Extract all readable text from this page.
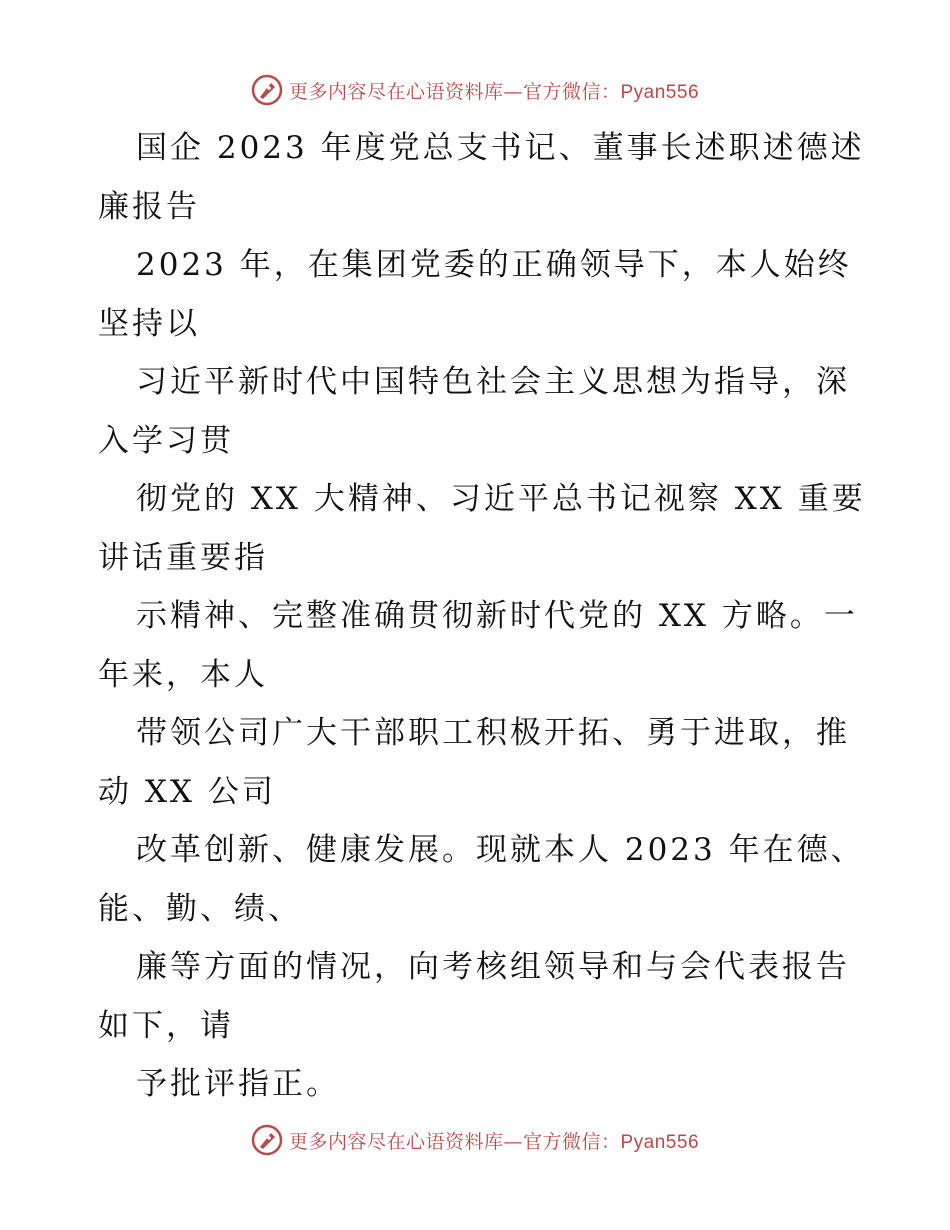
更多内容尽在心语资料库—官方微信：Pyan556
国企 2023 年度党总支书记、董事长述职述德述
廉报告
2023 年，在集团党委的正确领导下，本人始终
坚持以
习近平新时代中国特色社会主义思想为指导，深
入学习贯
彻党的 XX 大精神、习近平总书记视察 XX 重要
讲话重要指
示精神、完整准确贯彻新时代党的 XX 方略。一
年来，本人
带领公司广大干部职工积极开拓、勇于进取，推
动 XX 公司
改革创新、健康发展。现就本人 2023 年在德、
能、勤、绩、
廉等方面的情况，向考核组领导和与会代表报告
如下，请
予批评指正。
更多内容尽在心语资料库—官方微信：Pyan556
